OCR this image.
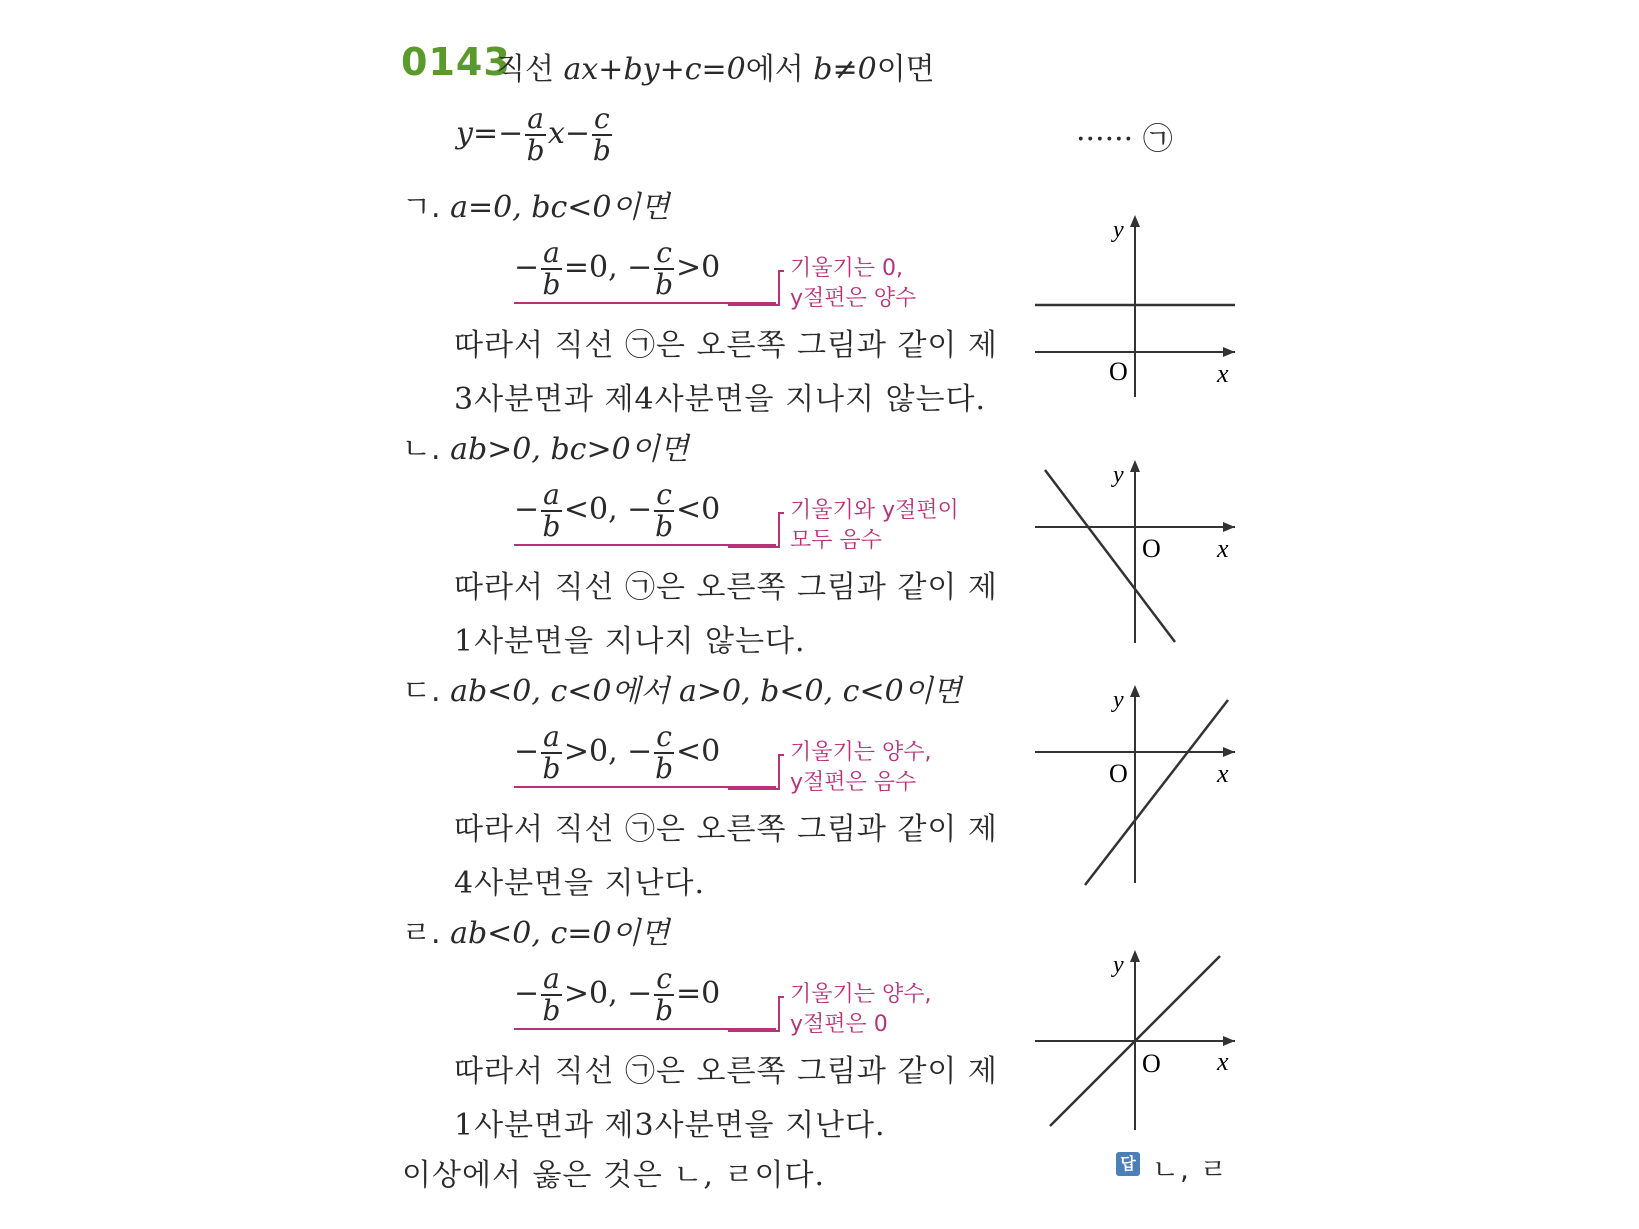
0143
직선 ax+by+c=0에서 b≠0이면
$y=- \frac{a}{b} x- \frac{c}{b}$	······ ㉠
ㄱ. a=0, bc<0이면
− $\frac{a}{b} =0$, − $\frac{c}{b} >0$	기울기는 0,
y절편은 양수
따라서 직선 ㉠은 오른쪽 그림과 같이 제
3사분면과 제4사분면을 지나지 않는다.
y
x
O
ㄴ. ab>0, bc>0이면
− $\frac{a}{b} <0$, − $\frac{c}{b} <0$	기울기와 y절편이
모두 음수
따라서 직선 ㉠은 오른쪽 그림과 같이 제
1사분면을 지나지 않는다.
y
x
O
ㄷ. ab<0, c<0에서 a>0, b<0, c<0이면
− $\frac{a}{b} >0$, − $\frac{c}{b} <0$	기울기는 양수,
y절편은 음수
따라서 직선 ㉠은 오른쪽 그림과 같이 제
4사분면을 지난다.
y
x
O
ㄹ. ab<0, c=0이면
− $\frac{a}{b} >0$, − $\frac{c}{b} =0$	기울기는 양수,
y절편은 0
따라서 직선 ㉠은 오른쪽 그림과 같이 제
1사분면과 제3사분면을 지난다.
y
x
O
이상에서 옳은 것은 ㄴ, ㄹ이다.	답 ㄴ, ㄹ
